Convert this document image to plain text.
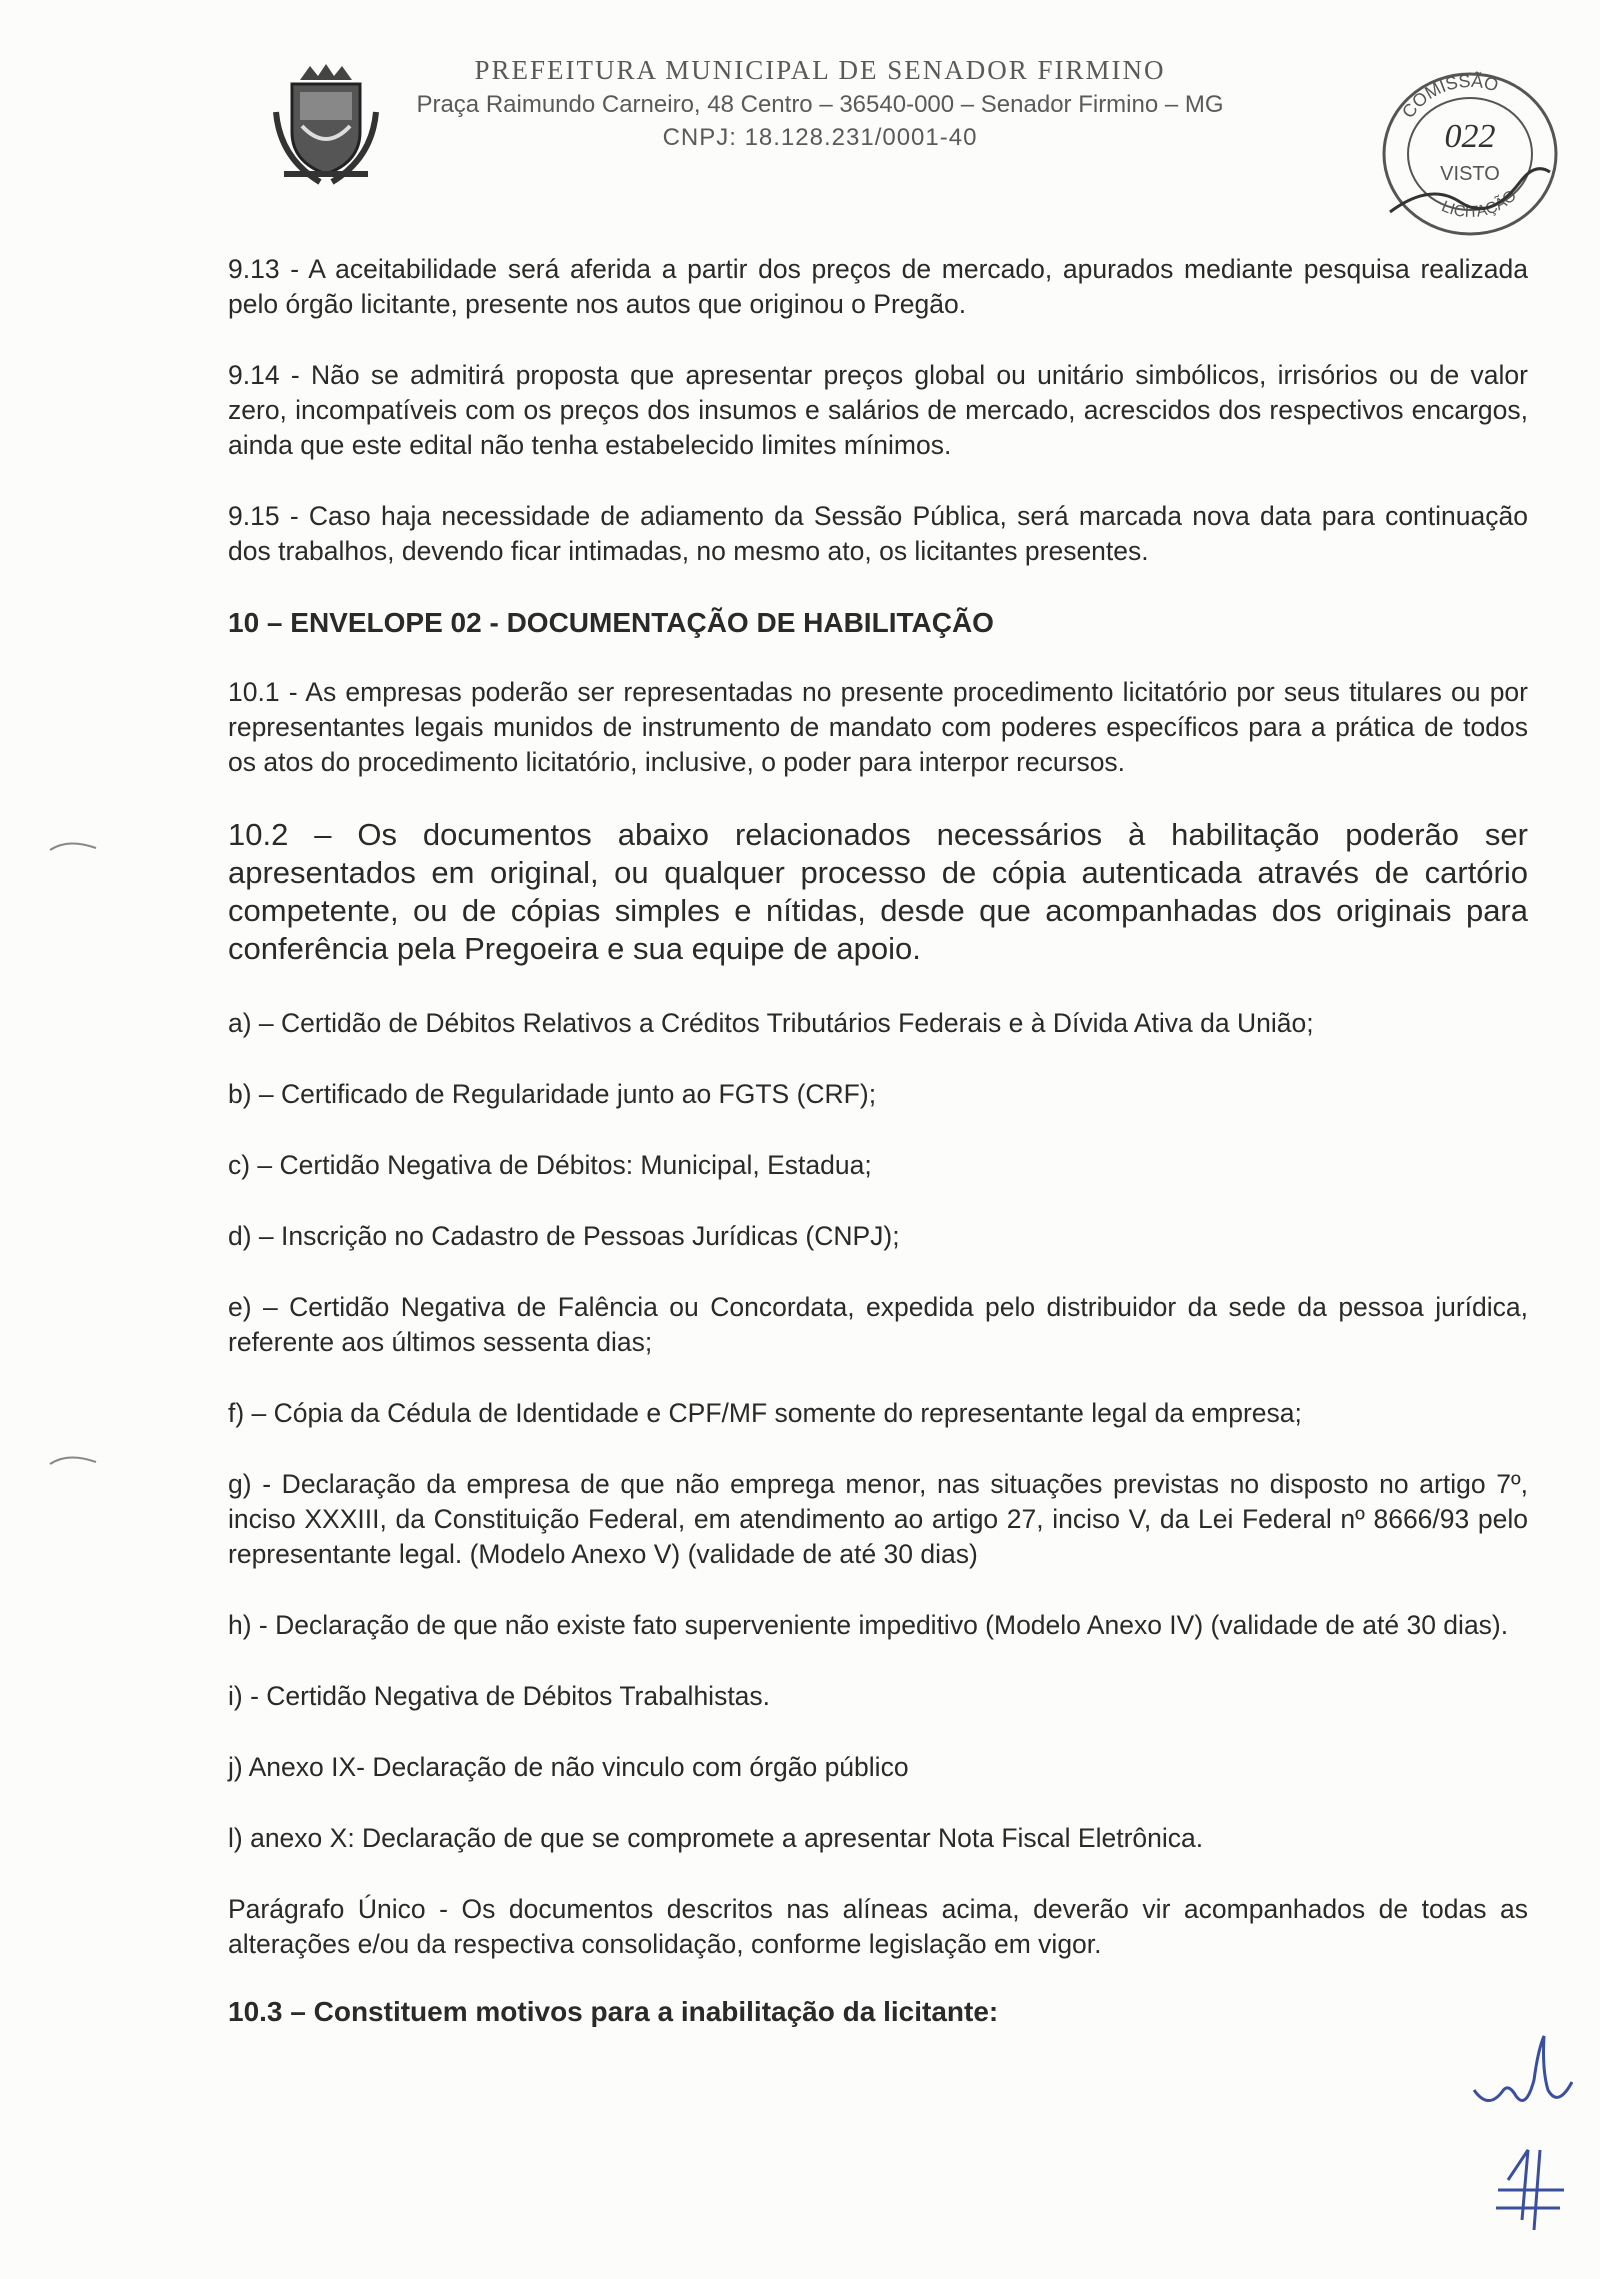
PREFEITURA MUNICIPAL DE SENADOR FIRMINO
Praça Raimundo Carneiro, 48 Centro – 36540-000 – Senador Firmino – MG
CNPJ: 18.128.231/0001-40
COMISSÃO
022
VISTO
LICITAÇÃO

9.13 - A aceitabilidade será aferida a partir dos preços de mercado, apurados mediante pesquisa realizada pelo órgão licitante, presente nos autos que originou o Pregão.

9.14 - Não se admitirá proposta que apresentar preços global ou unitário simbólicos, irrisórios ou de valor zero, incompatíveis com os preços dos insumos e salários de mercado, acrescidos dos respectivos encargos, ainda que este edital não tenha estabelecido limites mínimos.

9.15 - Caso haja necessidade de adiamento da Sessão Pública, será marcada nova data para continuação dos trabalhos, devendo ficar intimadas, no mesmo ato, os licitantes presentes.

10 – ENVELOPE 02 - DOCUMENTAÇÃO DE HABILITAÇÃO

10.1 - As empresas poderão ser representadas no presente procedimento licitatório por seus titulares ou por representantes legais munidos de instrumento de mandato com poderes específicos para a prática de todos os atos do procedimento licitatório, inclusive, o poder para interpor recursos.

10.2 – Os documentos abaixo relacionados necessários à habilitação poderão ser apresentados em original, ou qualquer processo de cópia autenticada através de cartório competente, ou de cópias simples e nítidas, desde que acompanhadas dos originais para conferência pela Pregoeira e sua equipe de apoio.

a) – Certidão de Débitos Relativos a Créditos Tributários Federais e à Dívida Ativa da União;

b) – Certificado de Regularidade junto ao FGTS (CRF);

c) – Certidão Negativa de Débitos: Municipal, Estadua;

d) – Inscrição no Cadastro de Pessoas Jurídicas (CNPJ);

e) – Certidão Negativa de Falência ou Concordata, expedida pelo distribuidor da sede da pessoa jurídica, referente aos últimos sessenta dias;

f) – Cópia da Cédula de Identidade e CPF/MF somente do representante legal da empresa;

g) - Declaração da empresa de que não emprega menor, nas situações previstas no disposto no artigo 7º, inciso XXXIII, da Constituição Federal, em atendimento ao artigo 27, inciso V, da Lei Federal nº 8666/93 pelo representante legal. (Modelo Anexo V) (validade de até 30 dias)

h) - Declaração de que não existe fato superveniente impeditivo (Modelo Anexo IV) (validade de até 30 dias).

i) - Certidão Negativa de Débitos Trabalhistas.

j) Anexo IX- Declaração de não vinculo com órgão público

l) anexo X: Declaração de que se compromete a apresentar Nota Fiscal Eletrônica.

Parágrafo Único - Os documentos descritos nas alíneas acima, deverão vir acompanhados de todas as alterações e/ou da respectiva consolidação, conforme legislação em vigor.

10.3 – Constituem motivos para a inabilitação da licitante:
